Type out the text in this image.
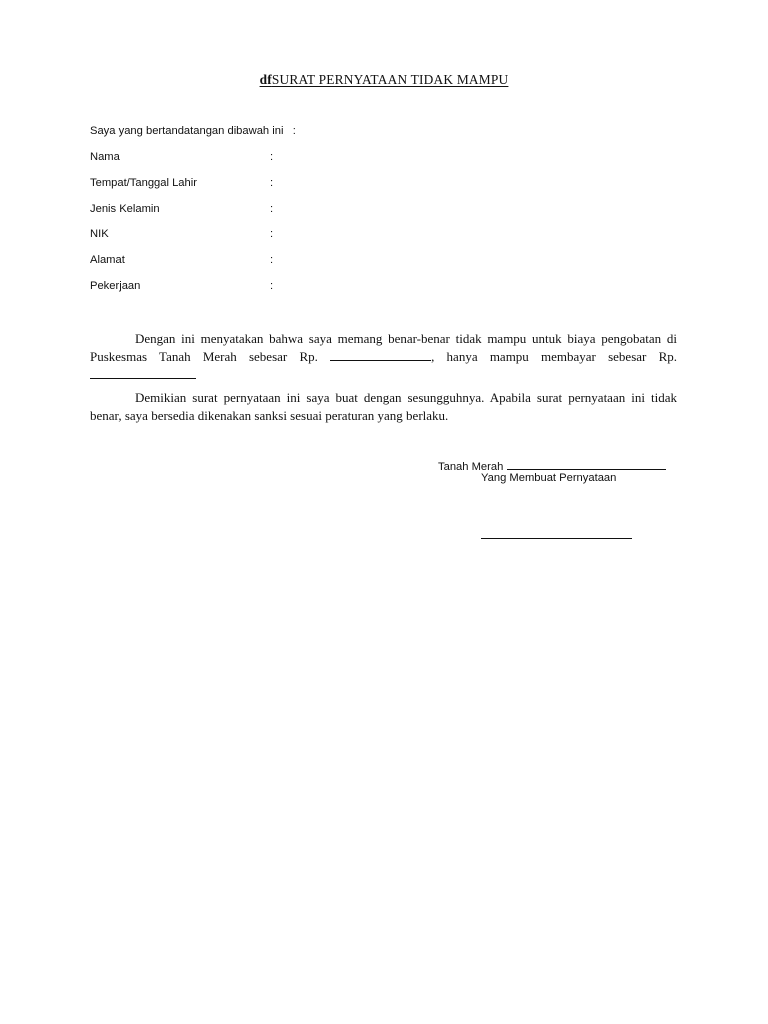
dfSURAT PERNYATAAN TIDAK MAMPU
Saya yang bertandatangan dibawah ini   :
Nama	:
Tempat/Tanggal Lahir	:
Jenis Kelamin	:
NIK	:
Alamat	:
Pekerjaan	:
Dengan ini menyatakan bahwa saya memang benar-benar tidak mampu untuk biaya pengobatan di Puskesmas Tanah Merah sebesar Rp.	, hanya mampu membayar sebesar Rp.
Demikian surat pernyataan ini saya buat dengan sesungguhnya. Apabila surat pernyataan ini tidak benar, saya bersedia dikenakan sanksi sesuai peraturan yang berlaku.
Tanah Merah
Yang Membuat Pernyataan
